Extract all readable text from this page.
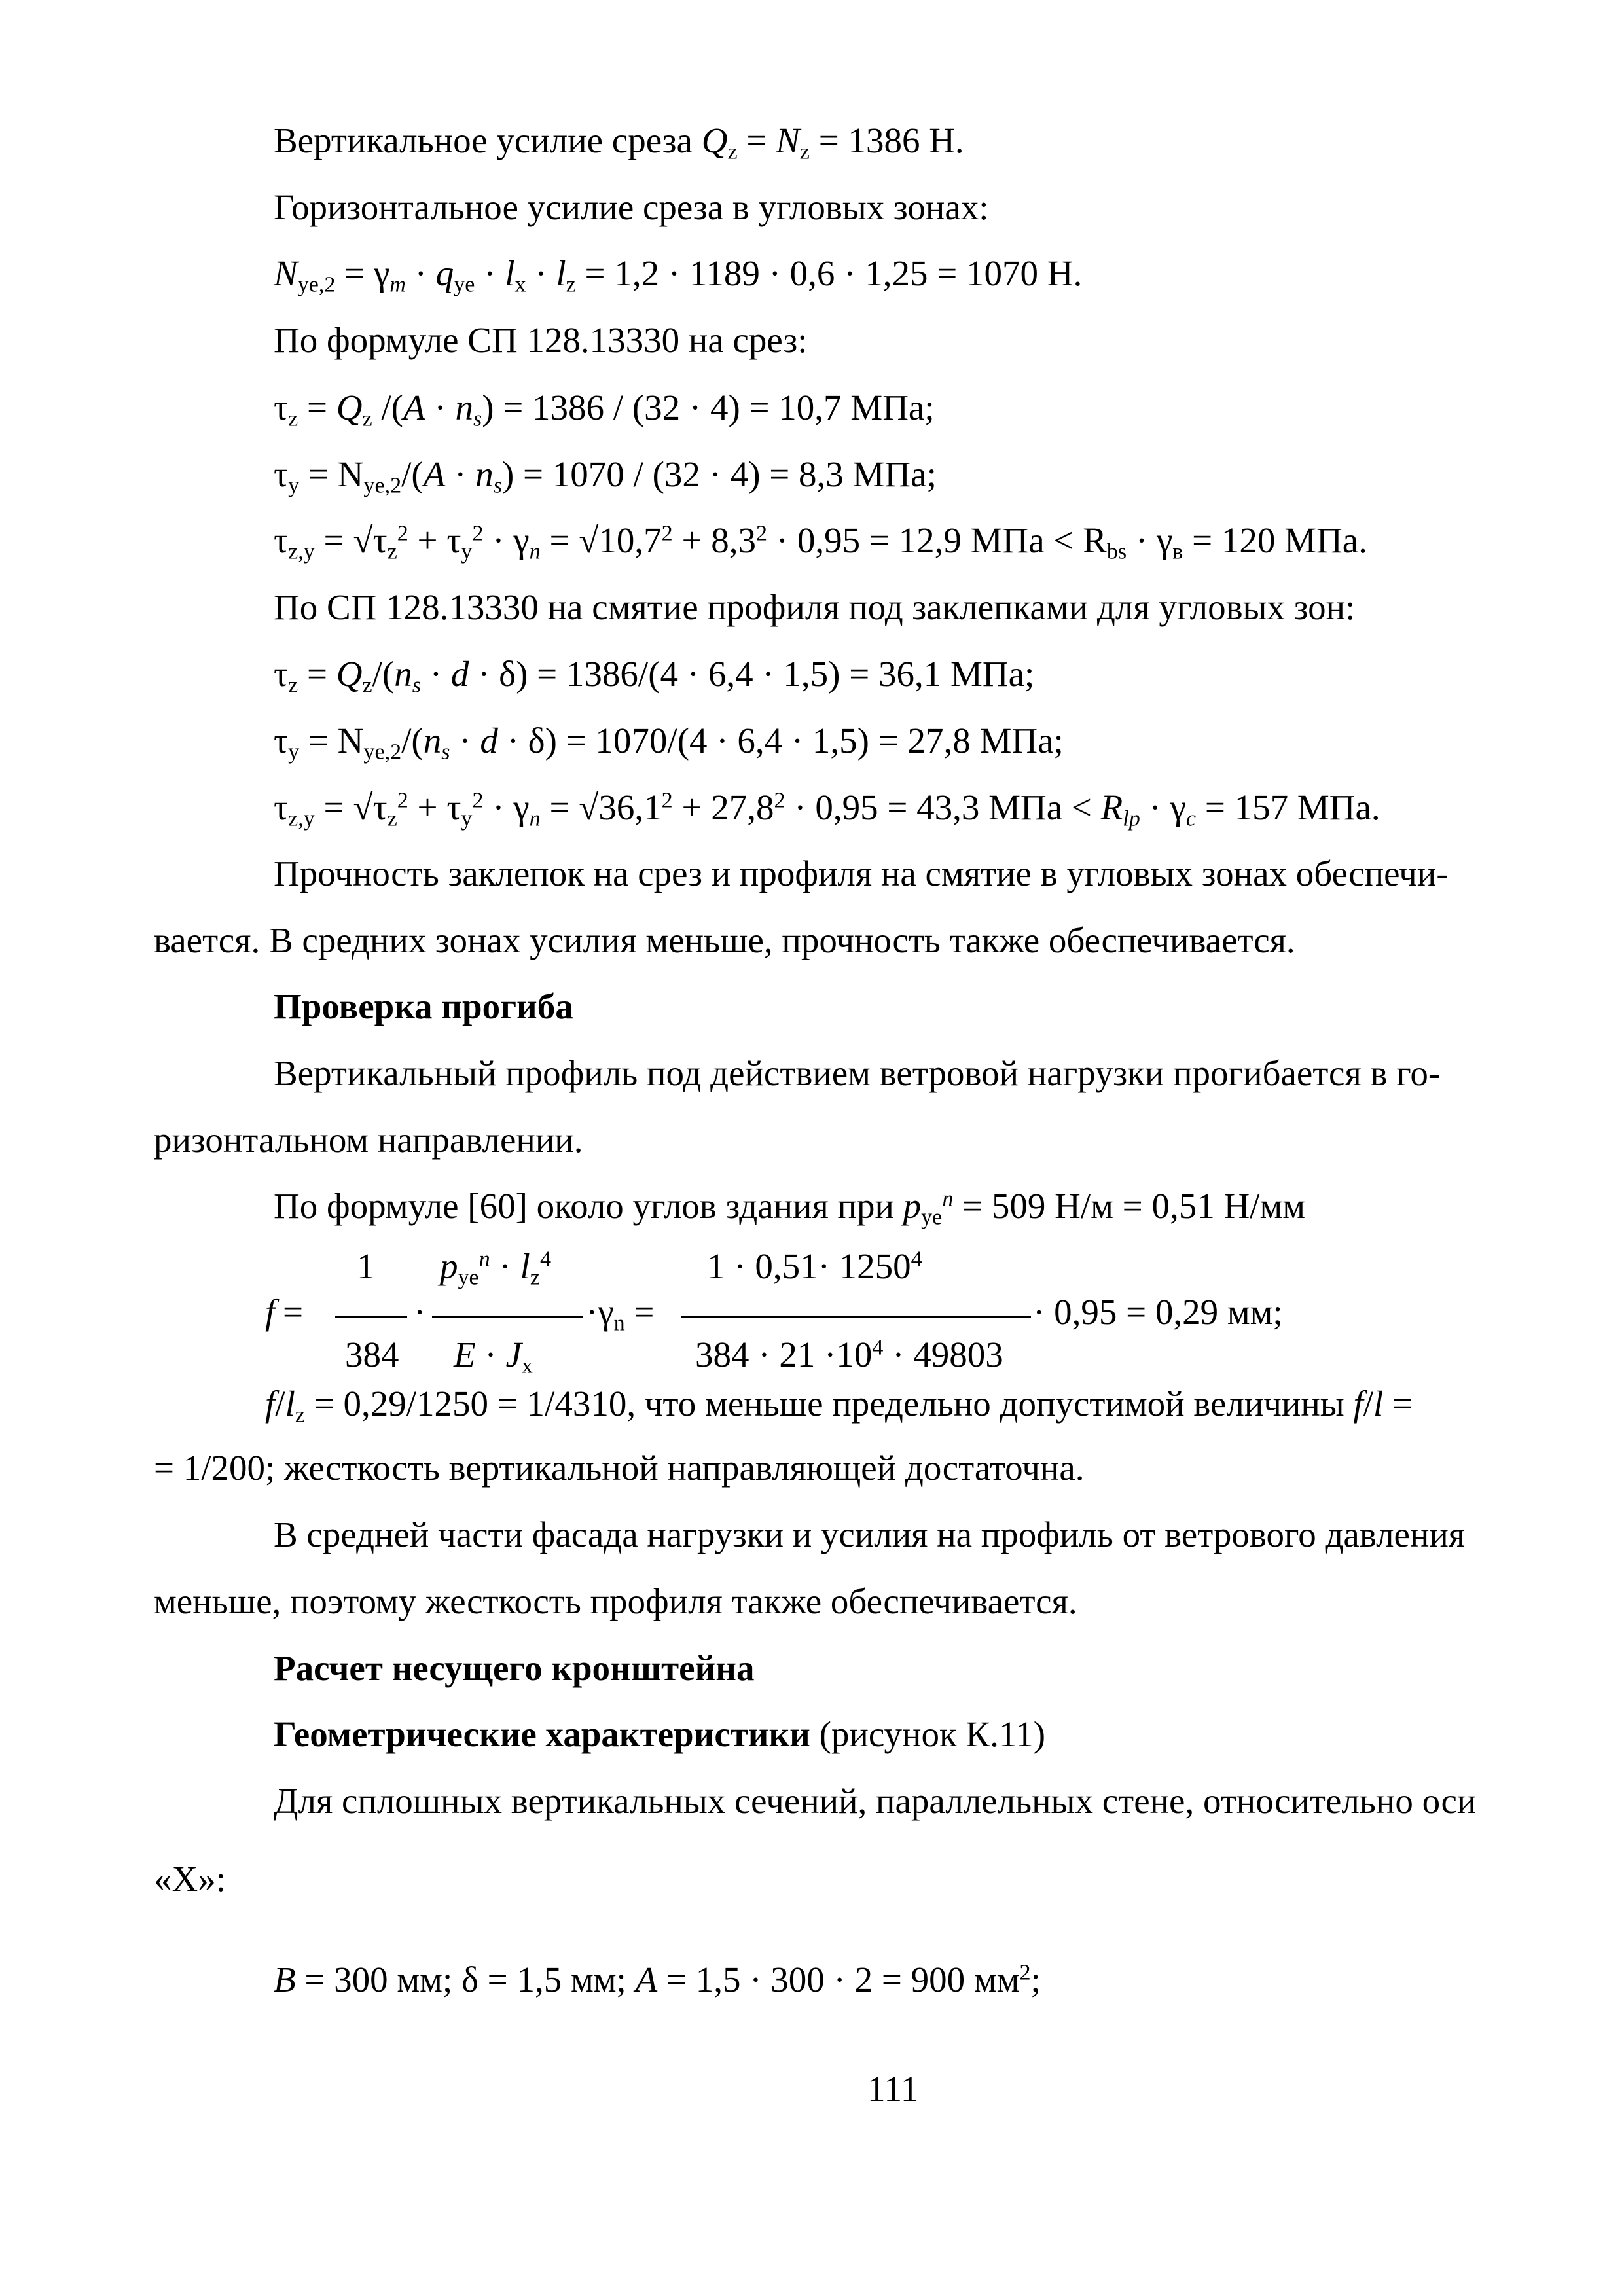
Вертикальное усилие среза $Q_z = N_z = 1386$ Н.
Горизонтальное усилие среза в угловых зонах:
$N_{ye,2} = \gamma_m \cdot q_{ye} \cdot l_x \cdot l_z = 1,2 \cdot 1189 \cdot 0,6 \cdot 1,25 = 1070$ Н.
По формуле СП 128.13330 на срез:
$\tau_z = Q_z$ $/(A \cdot n_s) = 1386 / (32 \cdot 4) = 10,7$ МПа;
$\tau_y = N_{ye,2}/(A \cdot n_s) = 1070 / (32 \cdot 4) = 8,3$ МПа;
$\tau_{z,y} = √\tau_z^2 + \tau_y^2 \cdot \gamma_n = √10,7^2 + 8,3^2 \cdot 0,95 = 12,9$ МПа < $R_{bs} \cdot \gamma_в = 120$ МПа.
По СП 128.13330 на смятие профиля под заклепками для угловых зон:
$\tau_z = Q_z/(n_s \cdot d \cdot \delta) = 1386/(4 \cdot 6,4 \cdot 1,5) = 36,1$ МПа;
$\tau_y = N_{ye,2}/(n_s \cdot d \cdot \delta) = 1070/(4 \cdot 6,4 \cdot 1,5) = 27,8$ МПа;
$\tau_{z,y} = √\tau_z^2 + \tau_y^2 \cdot \gamma_n = √36,1^2 + 27,8^2 \cdot 0,95 = 43,3$ МПа < $R_{lp} \cdot \gamma_c = 157$ МПа.
Прочность заклепок на срез и профиля на смятие в угловых зонах обеспечи-
вается. В средних зонах усилия меньше, прочность также обеспечивается.
Проверка прогиба
Вертикальный профиль под действием ветровой нагрузки прогибается в го-
ризонтальном направлении.
По формуле [60] около углов здания при $p_{ye}^n = 509$ Н/м = 0,51 Н/мм
f =
1
384
·
$p_{ye}^n \cdot l_z^4$
$E \cdot J_x$
$\cdot\gamma_n$ =
$1 \cdot 0,51\cdot 1250^4$
$384 \cdot 21 \cdot 10^4 \cdot 49803$
· 0,95 = 0,29 мм;
$f/l_z = 0,29/1250 = 1/4310$, что меньше предельно допустимой величины f/l =
= 1/200; жесткость вертикальной направляющей достаточна.
В средней части фасада нагрузки и усилия на профиль от ветрового давления
меньше, поэтому жесткость профиля также обеспечивается.
Расчет несущего кронштейна
Геометрические характеристики (рисунок К.11)
Для сплошных вертикальных сечений, параллельных стене, относительно оси
«X»:
B = 300 мм; δ = 1,5 мм; A = 1,5 · 300 · 2 = 900 $мм^2$;
111
